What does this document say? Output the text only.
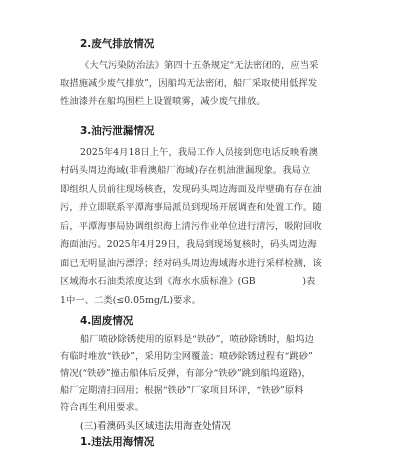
2.废气排放情况
《大气污染防治法》第四十五条规定“无法密闭的，应当采
取措施减少废气排放”，因船坞无法密闭，船厂采取使用低挥发
性油漆并在船坞围栏上设置喷雾，减少废气排放。
3.油污泄漏情况
2025年4月18日上午，我局工作人员接到您电话反映看澳
村码头周边海域(非看澳船厂海域)存在机油泄漏现象。我局立
即组织人员前往现场核查，发现码头周边海面及岸壁确有存在油
污，并立即联系平潭海事局派员到现场开展调查和处置工作。随
后，平潭海事局协调组织海上清污作业单位进行清污，吸附回收
海面油污。2025年4月29日，我局到现场复核时，码头周边海
面已无明显油污漂浮；经对码头周边海域海水进行采样检测，该
区域海水石油类浓度达到《海水水质标准》(GB　　　　　)表
1中一、二类(≤0.05mg/L)要求。
4.固废情况
船厂喷砂除锈使用的原料是“铁砂”，喷砂除锈时，船坞边
有临时堆放“铁砂”，采用防尘网覆盖；喷砂除锈过程有“跳砂”
情况(“铁砂”撞击船体后反弹，有部分“铁砂”跳到船坞道路)，
船厂定期清扫回用；根据“铁砂”厂家项目环评，“铁砂”原料
符合再生利用要求。
(三)看澳码头区域违法用海查处情况
1.违法用海情况
